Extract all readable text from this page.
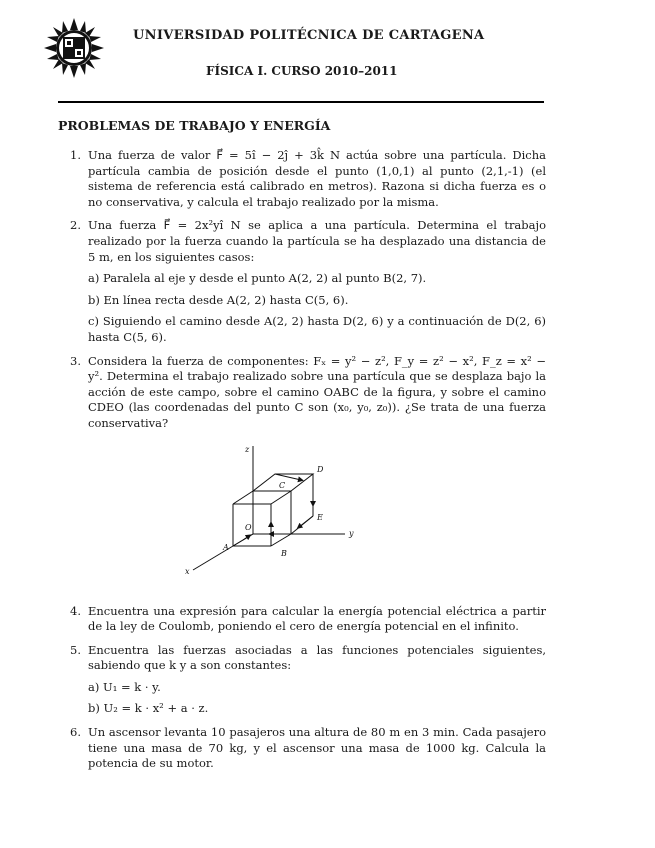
UNIVERSIDAD POLITÉCNICA DE CARTAGENA
FÍSICA I. CURSO 2010–2011
PROBLEMAS DE TRABAJO Y ENERGÍA
1. Una fuerza de valor F⃗ = 5î − 2ĵ + 3k̂ N actúa sobre una partícula. Dicha partícula cambia de posición desde el punto (1,0,1) al punto (2,1,-1) (el sistema de referencia está calibrado en metros). Razona si dicha fuerza es o no conservativa, y calcula el trabajo realizado por la misma.
2. Una fuerza F⃗ = 2x²yî N se aplica a una partícula. Determina el trabajo realizado por la fuerza cuando la partícula se ha desplazado una distancia de 5 m, en los siguientes casos:
a) Paralela al eje y desde el punto A(2, 2) al punto B(2, 7).
b) En línea recta desde A(2, 2) hasta C(5, 6).
c) Siguiendo el camino desde A(2, 2) hasta D(2, 6) y a continuación de D(2, 6) hasta C(5, 6).
3. Considera la fuerza de componentes: Fₓ = y² − z², F_y = z² − x², F_z = x² − y². Determina el trabajo realizado sobre una partícula que se desplaza bajo la acción de este campo, sobre el camino OABC de la figura, y sobre el camino CDEO (las coordenadas del punto C son (x₀, y₀, z₀)). ¿Se trata de una fuerza conservativa?
z
y
x
O
A
B
C
D
E
4. Encuentra una expresión para calcular la energía potencial eléctrica a partir de la ley de Coulomb, poniendo el cero de energía potencial en el infinito.
5. Encuentra las fuerzas asociadas a las funciones potenciales siguientes, sabiendo que k y a son constantes:
a) U₁ = k · y.
b) U₂ = k · x² + a · z.
6. Un ascensor levanta 10 pasajeros una altura de 80 m en 3 min. Cada pasajero tiene una masa de 70 kg, y el ascensor una masa de 1000 kg. Calcula la potencia de su motor.
